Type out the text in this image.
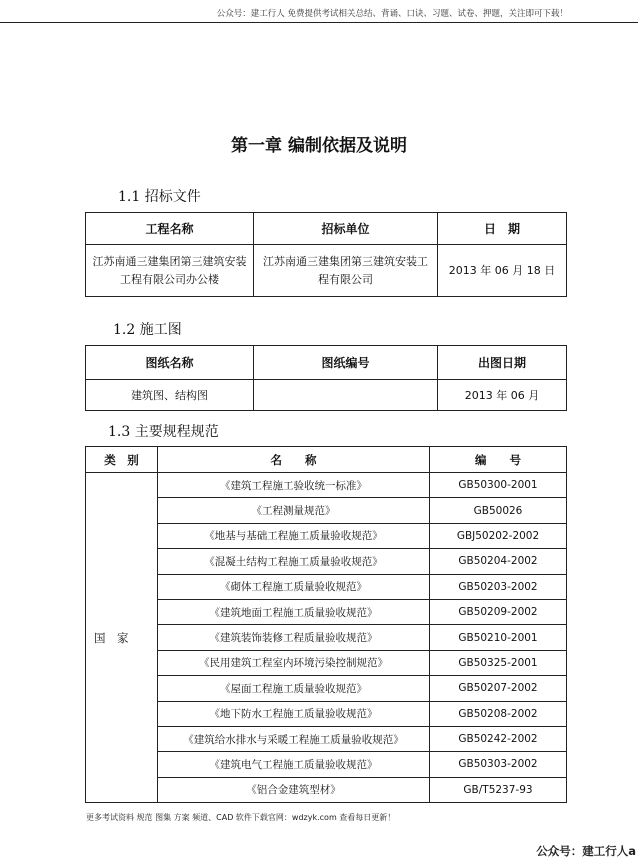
公众号：建工行人 免费提供考试相关总结、背诵、口诀、习题、试卷、押题，关注即可下载！
第一章 编制依据及说明
1.1 招标文件
工程名称	招标单位	日　期
江苏南通三建集团第三建筑安装工程有限公司办公楼	江苏南通三建集团第三建筑安装工程有限公司	2013 年 06 月 18 日
1.2 施工图
图纸名称	图纸编号	出图日期
建筑图、结构图		2013 年 06 月
1.3 主要规程规范
类　别	名　　称	编　　号
国　家	《建筑工程施工验收统一标准》	GB50300-2001
	《工程测量规范》	GB50026
	《地基与基础工程施工质量验收规范》	GBJ50202-2002
	《混凝土结构工程施工质量验收规范》	GB50204-2002
	《砌体工程施工质量验收规范》	GB50203-2002
	《建筑地面工程施工质量验收规范》	GB50209-2002
	《建筑装饰装修工程质量验收规范》	GB50210-2001
	《民用建筑工程室内环境污染控制规范》	GB50325-2001
	《屋面工程施工质量验收规范》	GB50207-2002
	《地下防水工程施工质量验收规范》	GB50208-2002
	《建筑给水排水与采暖工程施工质量验收规范》	GB50242-2002
	《建筑电气工程施工质量验收规范》	GB50303-2002
	《铝合金建筑型材》	GB/T5237-93
更多考试资料 规范 图集 方案 频道、CAD 软件下载官网：wdzyk.com 查看每日更新！
公众号：建工行人a
